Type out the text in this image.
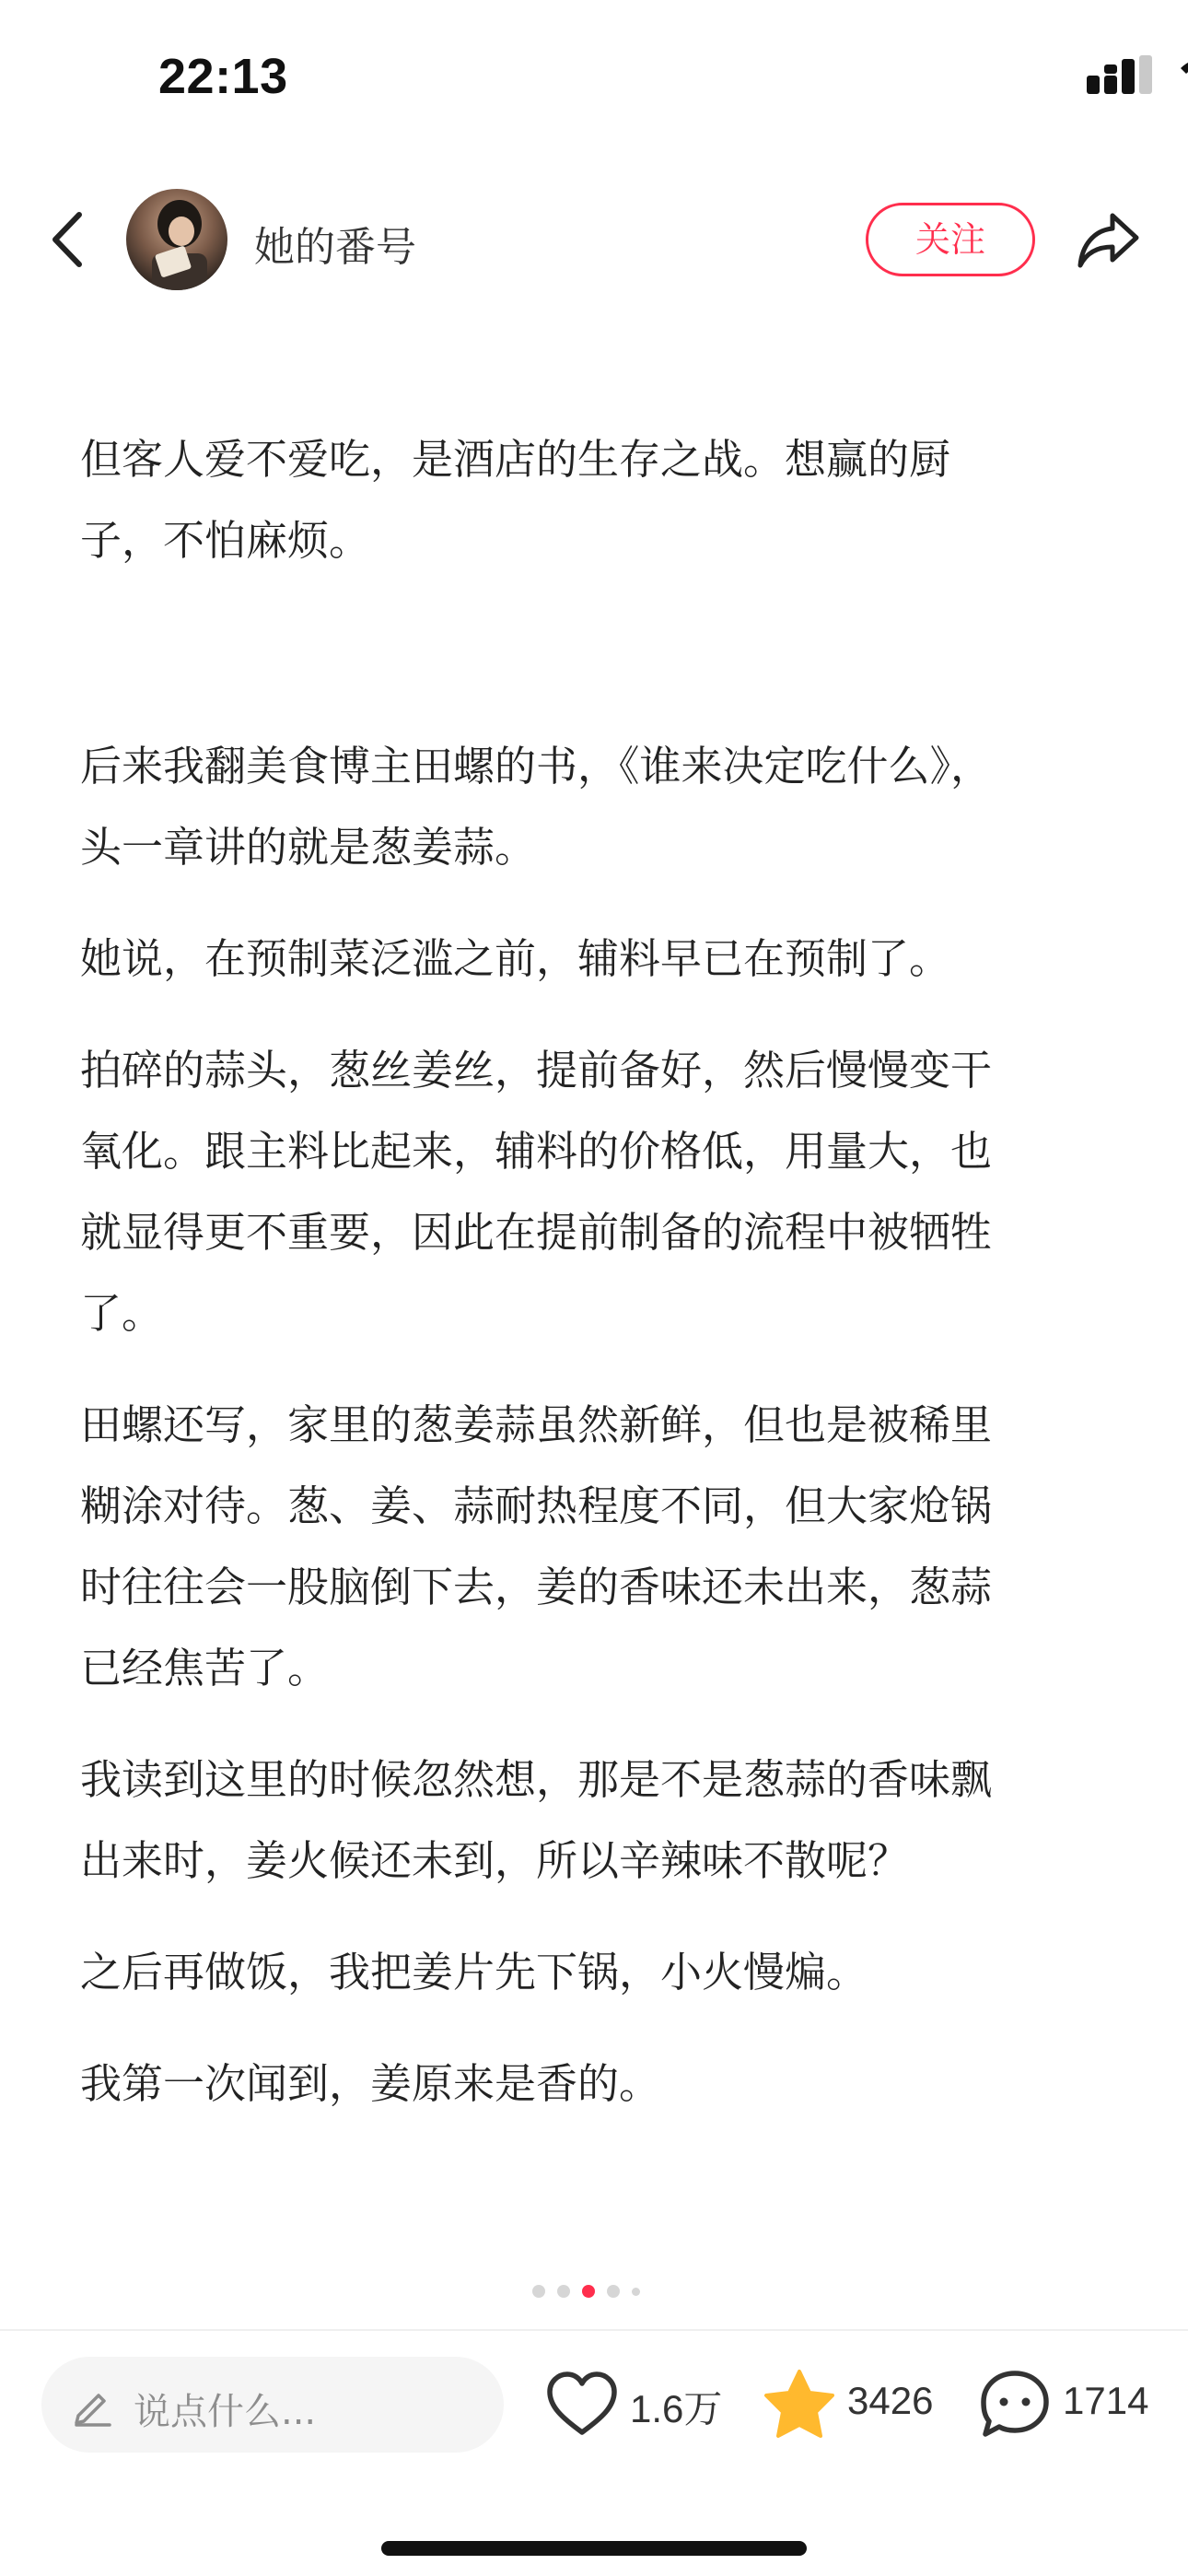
22:13
她的番号	关注

但客人爱不爱吃，是酒店的生存之战。想赢的厨
子，不怕麻烦。

后来我翻美食博主田螺的书，《谁来决定吃什么》，
头一章讲的就是葱姜蒜。

她说，在预制菜泛滥之前，辅料早已在预制了。

拍碎的蒜头，葱丝姜丝，提前备好，然后慢慢变干
氧化。跟主料比起来，辅料的价格低，用量大，也
就显得更不重要，因此在提前制备的流程中被牺牲
了。

田螺还写，家里的葱姜蒜虽然新鲜，但也是被稀里
糊涂对待。葱、姜、蒜耐热程度不同，但大家炝锅
时往往会一股脑倒下去，姜的香味还未出来，葱蒜
已经焦苦了。

我读到这里的时候忽然想，那是不是葱蒜的香味飘
出来时，姜火候还未到，所以辛辣味不散呢？

之后再做饭，我把姜片先下锅，小火慢煸。

我第一次闻到，姜原来是香的。

说点什么...	1.6万	3426	1714
